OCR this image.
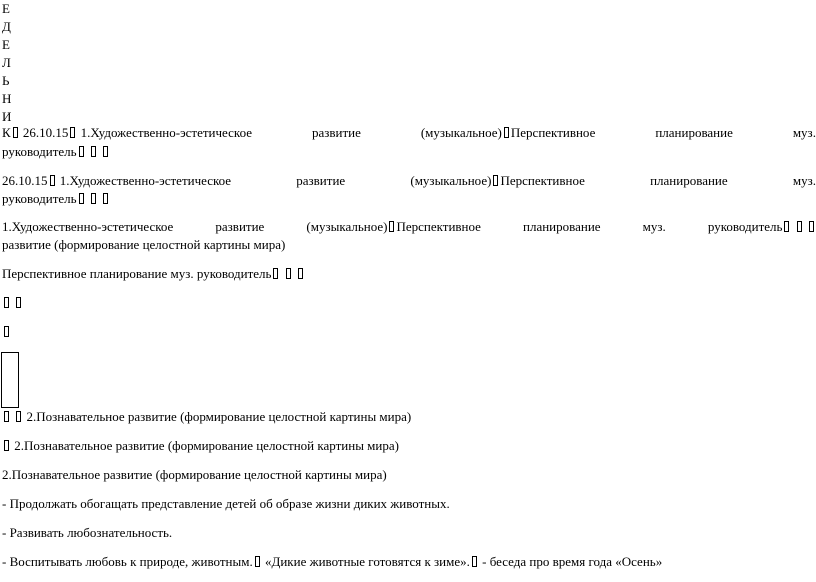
Е
Д
Е
Л
Ь
Н
И
К 26.10.15 1.Художественно-эстетическое	развитие	(музыкальное) Перспективное	планирование	муз.
руководитель
26.10.15 1.Художественно-эстетическое	развитие	(музыкальное) Перспективное	планирование	муз.
руководитель
1.Художественно-эстетическое	развитие	(музыкальное) Перспективное	планирование	муз.	руководитель
развитие (формирование целостной картины мира)
Перспективное планирование муз. руководитель

2.Познавательное развитие (формирование целостной картины мира)
2.Познавательное развитие (формирование целостной картины мира)
2.Познавательное развитие (формирование целостной картины мира)
- Продолжать обогащать представление детей об образе жизни диких животных.
- Развивать любознательность.
- Воспитывать любовь к природе, животным. «Дикие животные готовятся к зиме». - беседа про время года «Осень»
